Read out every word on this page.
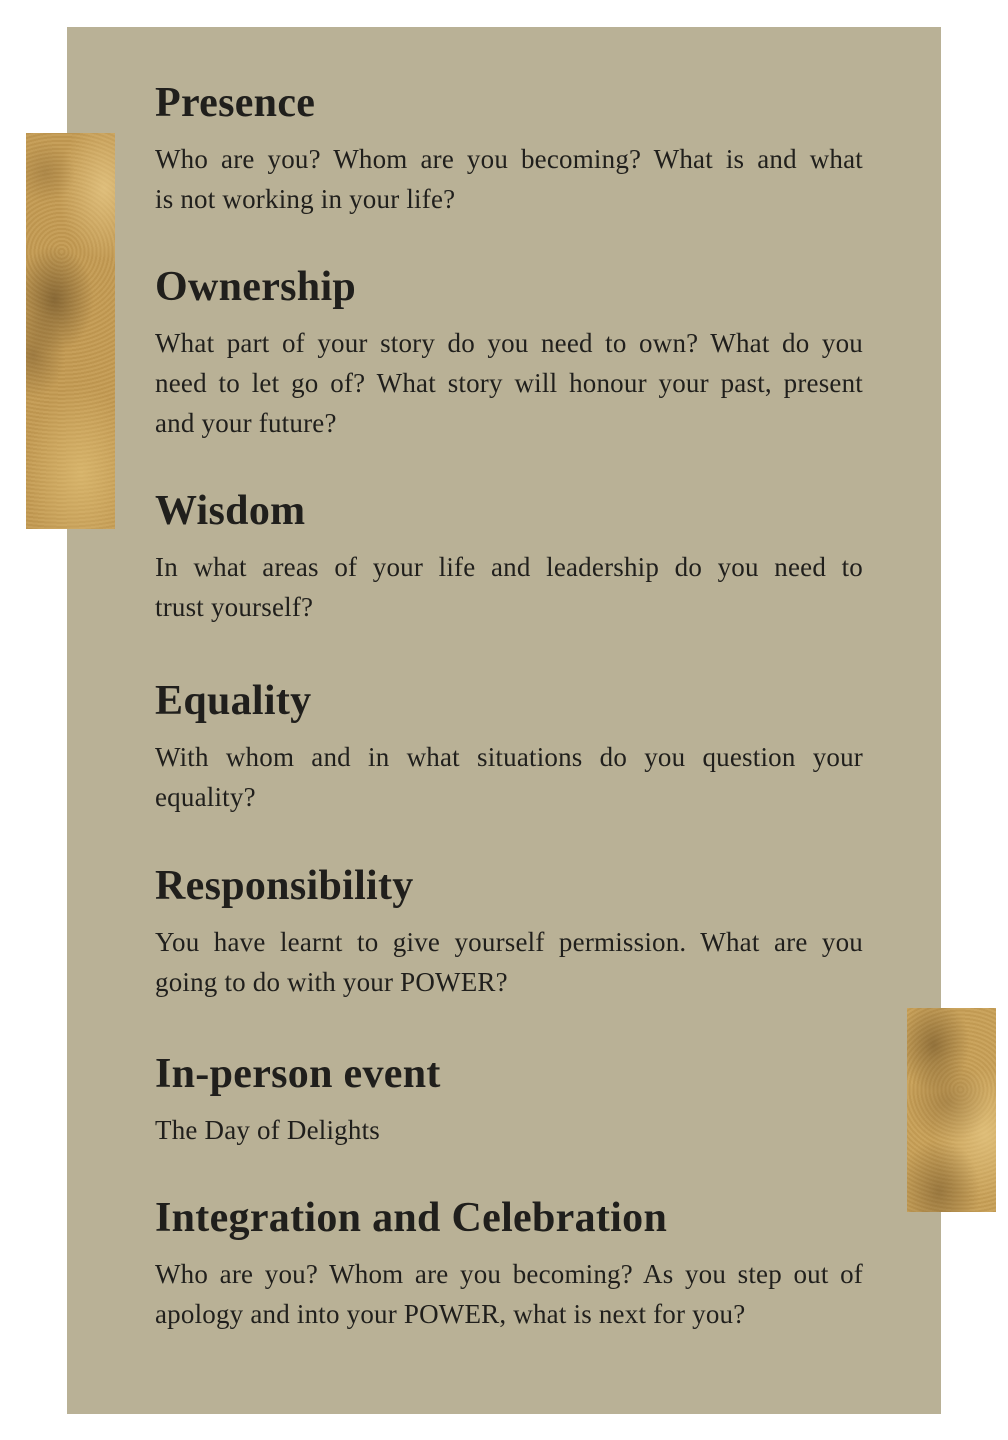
Presence
Who are you? Whom are you becoming? What is and what
is not working in your life?
Ownership
What part of your story do you need to own? What do you
need to let go of? What story will honour your past, present
and your future?
Wisdom
In what areas of your life and leadership do you need to
trust yourself?
Equality
With whom and in what situations do you question your
equality?
Responsibility
You have learnt to give yourself permission. What are you
going to do with your POWER?
In-person event
The Day of Delights
Integration and Celebration
Who are you? Whom are you becoming? As you step out of
apology and into your POWER, what is next for you?
